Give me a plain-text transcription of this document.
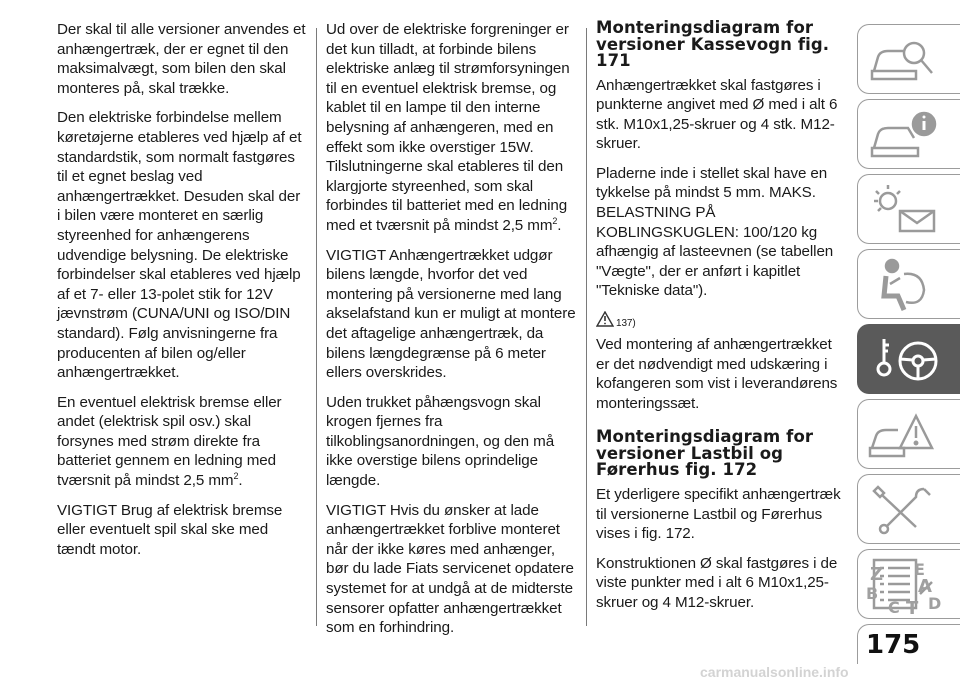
Der skal til alle versioner anvendes et anhængertræk, der er egnet til den maksimalvægt, som bilen den skal monteres på, skal trække.

Den elektriske forbindelse mellem køretøjerne etableres ved hjælp af et standardstik, som normalt fastgøres til et egnet beslag ved anhængertrækket. Desuden skal der i bilen være monteret en særlig styreenhed for anhængerens udvendige belysning. De elektriske forbindelser skal etableres ved hjælp af et 7- eller 13-polet stik for 12V jævnstrøm (CUNA/UNI og ISO/DIN standard). Følg anvisningerne fra producenten af bilen og/eller anhængertrækket.

En eventuel elektrisk bremse eller andet (elektrisk spil osv.) skal forsynes med strøm direkte fra batteriet gennem en ledning med tværsnit på mindst 2,5 $mm^2$.

VIGTIGT Brug af elektrisk bremse eller eventuelt spil skal ske med tændt motor.

Ud over de elektriske forgreninger er det kun tilladt, at forbinde bilens elektriske anlæg til strømforsyningen til en eventuel elektrisk bremse, og kablet til en lampe til den interne belysning af anhængeren, med en effekt som ikke overstiger 15W. Tilslutningerne skal etableres til den klargjorte styreenhed, som skal forbindes til batteriet med en ledning med et tværsnit på mindst 2,5 $mm^2$.

VIGTIGT Anhængertrækket udgør bilens længde, hvorfor det ved montering på versionerne med lang akselafstand kun er muligt at montere det aftagelige anhængertræk, da bilens længdegrænse på 6 meter ellers overskrides.

Uden trukket påhængsvogn skal krogen fjernes fra tilkoblingsanordningen, og den må ikke overstige bilens oprindelige længde.

VIGTIGT Hvis du ønsker at lade anhængertrækket forblive monteret når der ikke køres med anhænger, bør du lade Fiats servicenet opdatere systemet for at undgå at de midterste sensorer opfatter anhængertrækket som en forhindring.

Monteringsdiagram for versioner Kassevogn fig. 171

Anhængertrækket skal fastgøres i punkterne angivet med Ø med i alt 6 stk. M10x1,25-skruer og 4 stk. M12-skruer.

Pladerne inde i stellet skal have en tykkelse på mindst 5 mm. MAKS. BELASTNING PÅ KOBLINGSKUGLEN: 100/120 kg afhængig af lasteevnen (se tabellen "Vægte", der er anført i kapitlet "Tekniske data").

137)

Ved montering af anhængertrækket er det nødvendigt med udskæring i kofangeren som vist i leverandørens monteringssæt.

Monteringsdiagram for versioner Lastbil og Førerhus fig. 172

Et yderligere specifikt anhængertræk til versionerne Lastbil og Førerhus vises i fig. 172.

Konstruktionen Ø skal fastgøres i de viste punkter med i alt 6 M10x1,25-skruer og 4 M12-skruer.

Z E
A
B
C T D
175
carmanualsonline.info
